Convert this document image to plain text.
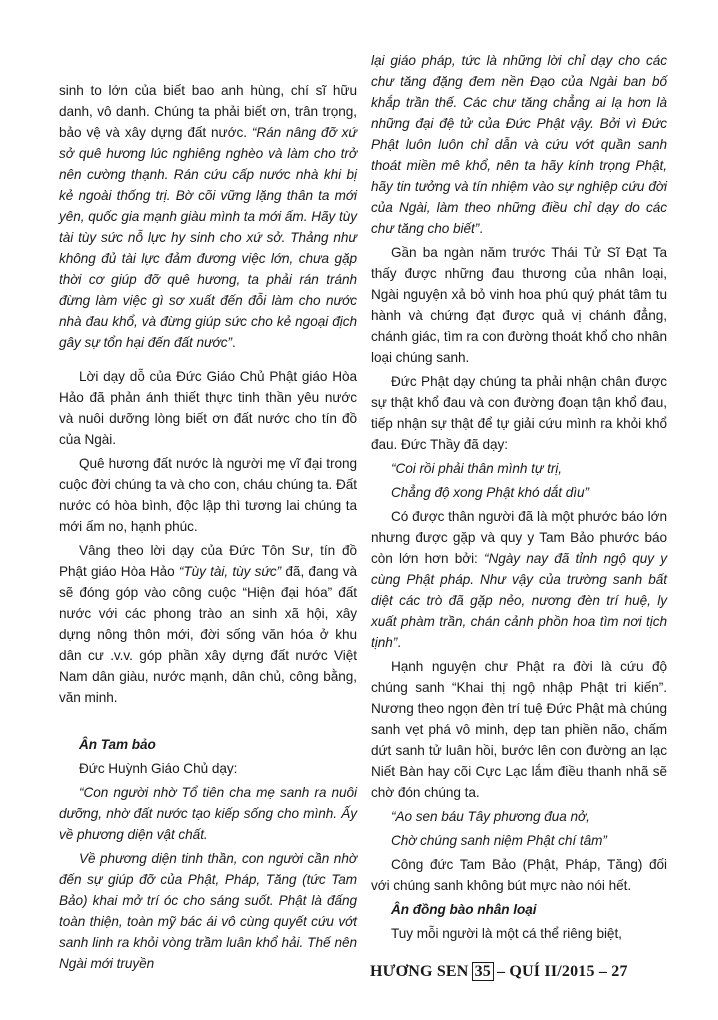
sinh to lớn của biết bao anh hùng, chí sĩ hữu danh, vô danh. Chúng ta phải biết ơn, trân trọng, bảo vệ và xây dựng đất nước. “Rán nâng đỡ xứ sở quê hương lúc nghiêng nghèo và làm cho trở nên cường thạnh. Rán cứu cấp nước nhà khi bị kẻ ngoài thống trị. Bờ cõi vững lặng thân ta mới yên, quốc gia mạnh giàu mình ta mới ấm. Hãy tùy tài tùy sức nỗ lực hy sinh cho xứ sở. Thảng như không đủ tài lực đảm đương việc lớn, chưa gặp thời cơ giúp đỡ quê hương, ta phải rán tránh đừng làm việc gì sơ xuất đến đỗi làm cho nước nhà đau khổ, và đừng giúp sức cho kẻ ngoại địch gây sự tổn hại đến đất nước”.

Lời dạy dỗ của Đức Giáo Chủ Phật giáo Hòa Hảo đã phản ánh thiết thực tinh thần yêu nước và nuôi dưỡng lòng biết ơn đất nước cho tín đồ của Ngài.

Quê hương đất nước là người mẹ vĩ đại trong cuộc đời chúng ta và cho con, cháu chúng ta. Đất nước có hòa bình, độc lập thì tương lai chúng ta mới ấm no, hạnh phúc.

Vâng theo lời dạy của Đức Tôn Sư, tín đồ Phật giáo Hòa Hảo “Tùy tài, tùy sức” đã, đang và sẽ đóng góp vào công cuộc “Hiện đại hóa” đất nước với các phong trào an sinh xã hội, xây dựng nông thôn mới, đời sống văn hóa ở khu dân cư .v.v. góp phần xây dựng đất nước Việt Nam dân giàu, nước mạnh, dân chủ, công bằng, văn minh.

Ân Tam bảo

Đức Huỳnh Giáo Chủ dạy:

“Con người nhờ Tổ tiên cha mẹ sanh ra nuôi dưỡng, nhờ đất nước tạo kiếp sống cho mình. Ấy về phương diện vật chất.

Về phương diện tinh thần, con người cần nhờ đến sự giúp đỡ của Phật, Pháp, Tăng (tức Tam Bảo) khai mở trí óc cho sáng suốt. Phật là đấng toàn thiện, toàn mỹ bác ái vô cùng quyết cứu vớt sanh linh ra khỏi vòng trầm luân khổ hải. Thế nên Ngài mới truyền

lại giáo pháp, tức là những lời chỉ dạy cho các chư tăng đặng đem nền Đạo của Ngài ban bố khắp trần thế. Các chư tăng chẳng ai lạ hơn là những đại đệ tử của Đức Phật vậy. Bởi vì Đức Phật luôn luôn chỉ dẫn và cứu vớt quần sanh thoát miền mê khổ, nên ta hãy kính trọng Phật, hãy tin tưởng và tín nhiệm vào sự nghiệp cứu đời của Ngài, làm theo những điều chỉ dạy do các chư tăng cho biết”.

Gần ba ngàn năm trước Thái Tử Sĩ Đạt Ta thấy được những đau thương của nhân loại, Ngài nguyện xả bỏ vinh hoa phú quý phát tâm tu hành và chứng đạt được quả vị chánh đẳng, chánh giác, tìm ra con đường thoát khổ cho nhân loại chúng sanh.

Đức Phật dạy chúng ta phải nhận chân được sự thật khổ đau và con đường đoạn tận khổ đau, tiếp nhận sự thật để tự giải cứu mình ra khỏi khổ đau. Đức Thầy đã dạy:

“Coi rồi phải thân mình tự trị,

Chẳng độ xong Phật khó dắt dìu”

Có được thân người đã là một phước báo lớn nhưng được gặp và quy y Tam Bảo phước báo còn lớn hơn bởi: “Ngày nay đã tỉnh ngộ quy y cùng Phật pháp. Như vậy của trường sanh bất diệt các trò đã gặp nẻo, nương đèn trí huệ, ly xuất phàm trần, chán cảnh phồn hoa tìm nơi tịch tịnh”.

Hạnh nguyện chư Phật ra đời là cứu độ chúng sanh “Khai thị ngộ nhập Phật tri kiến”. Nương theo ngọn đèn trí tuệ Đức Phật mà chúng sanh vẹt phá vô minh, dẹp tan phiền não, chấm dứt sanh tử luân hồi, bước lên con đường an lạc Niết Bàn hay cõi Cực Lạc lắm điều thanh nhã sẽ chờ đón chúng ta.

“Ao sen báu Tây phương đua nở,

Chờ chúng sanh niệm Phật chí tâm”

Công đức Tam Bảo (Phật, Pháp, Tăng) đối với chúng sanh không bút mực nào nói hết.

Ân đồng bào nhân loại

Tuy mỗi người là một cá thể riêng biệt,

HƯƠNG SEN 35 – QUÍ II/2015 – 27
